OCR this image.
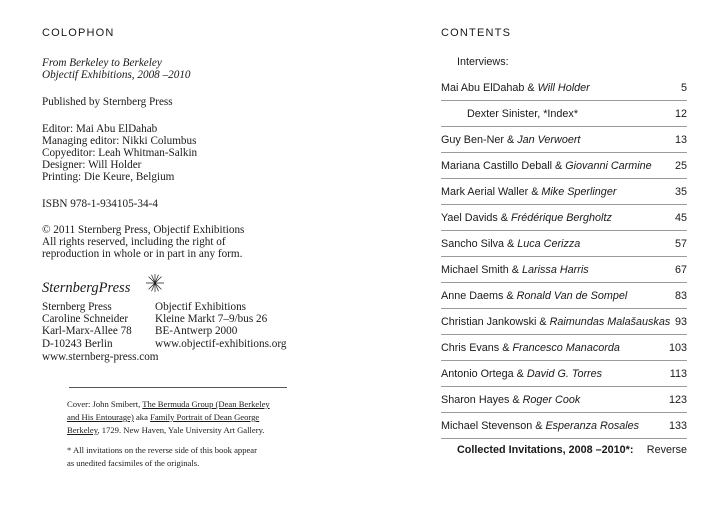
COLOPHON
From Berkeley to Berkeley
Objectif Exhibitions, 2008 –2010
Published by Sternberg Press
Editor: Mai Abu ElDahab
Managing editor: Nikki Columbus
Copyeditor: Leah Whitman-Salkin
Designer: Will Holder
Printing: Die Keure, Belgium
ISBN 978-1-934105-34-4
© 2011 Sternberg Press, Objectif Exhibitions
All rights reserved, including the right of
reproduction in whole or in part in any form.
SternbergPress
Sternberg Press
Caroline Schneider
Karl-Marx-Allee 78
D-10243 Berlin
www.sternberg-press.com
Objectif Exhibitions
Kleine Markt 7–9/bus 26
BE-Antwerp 2000
www.objectif-exhibitions.org
Cover: John Smibert, The Bermuda Group (Dean Berkeley
and His Entourage) aka Family Portrait of Dean George
Berkeley, 1729. New Haven, Yale University Art Gallery.
* All invitations on the reverse side of this book appear
as unedited facsimiles of the originals.
CONTENTS
Interviews:
Mai Abu ElDahab & Will Holder	5
Dexter Sinister, *Index*	12
Guy Ben-Ner & Jan Verwoert	13
Mariana Castillo Deball & Giovanni Carmine 25
Mark Aerial Waller & Mike Sperlinger	35
Yael Davids & Frédérique Bergholtz	45
Sancho Silva & Luca Cerizza	57
Michael Smith & Larissa Harris	67
Anne Daems & Ronald Van de Sompel	83
Christian Jankowski & Raimundas Malašauskas 93
Chris Evans & Francesco Manacorda	103
Antonio Ortega & David G. Torres	113
Sharon Hayes & Roger Cook	123
Michael Stevenson & Esperanza Rosales	133
Collected Invitations, 2008 –2010*: Reverse
